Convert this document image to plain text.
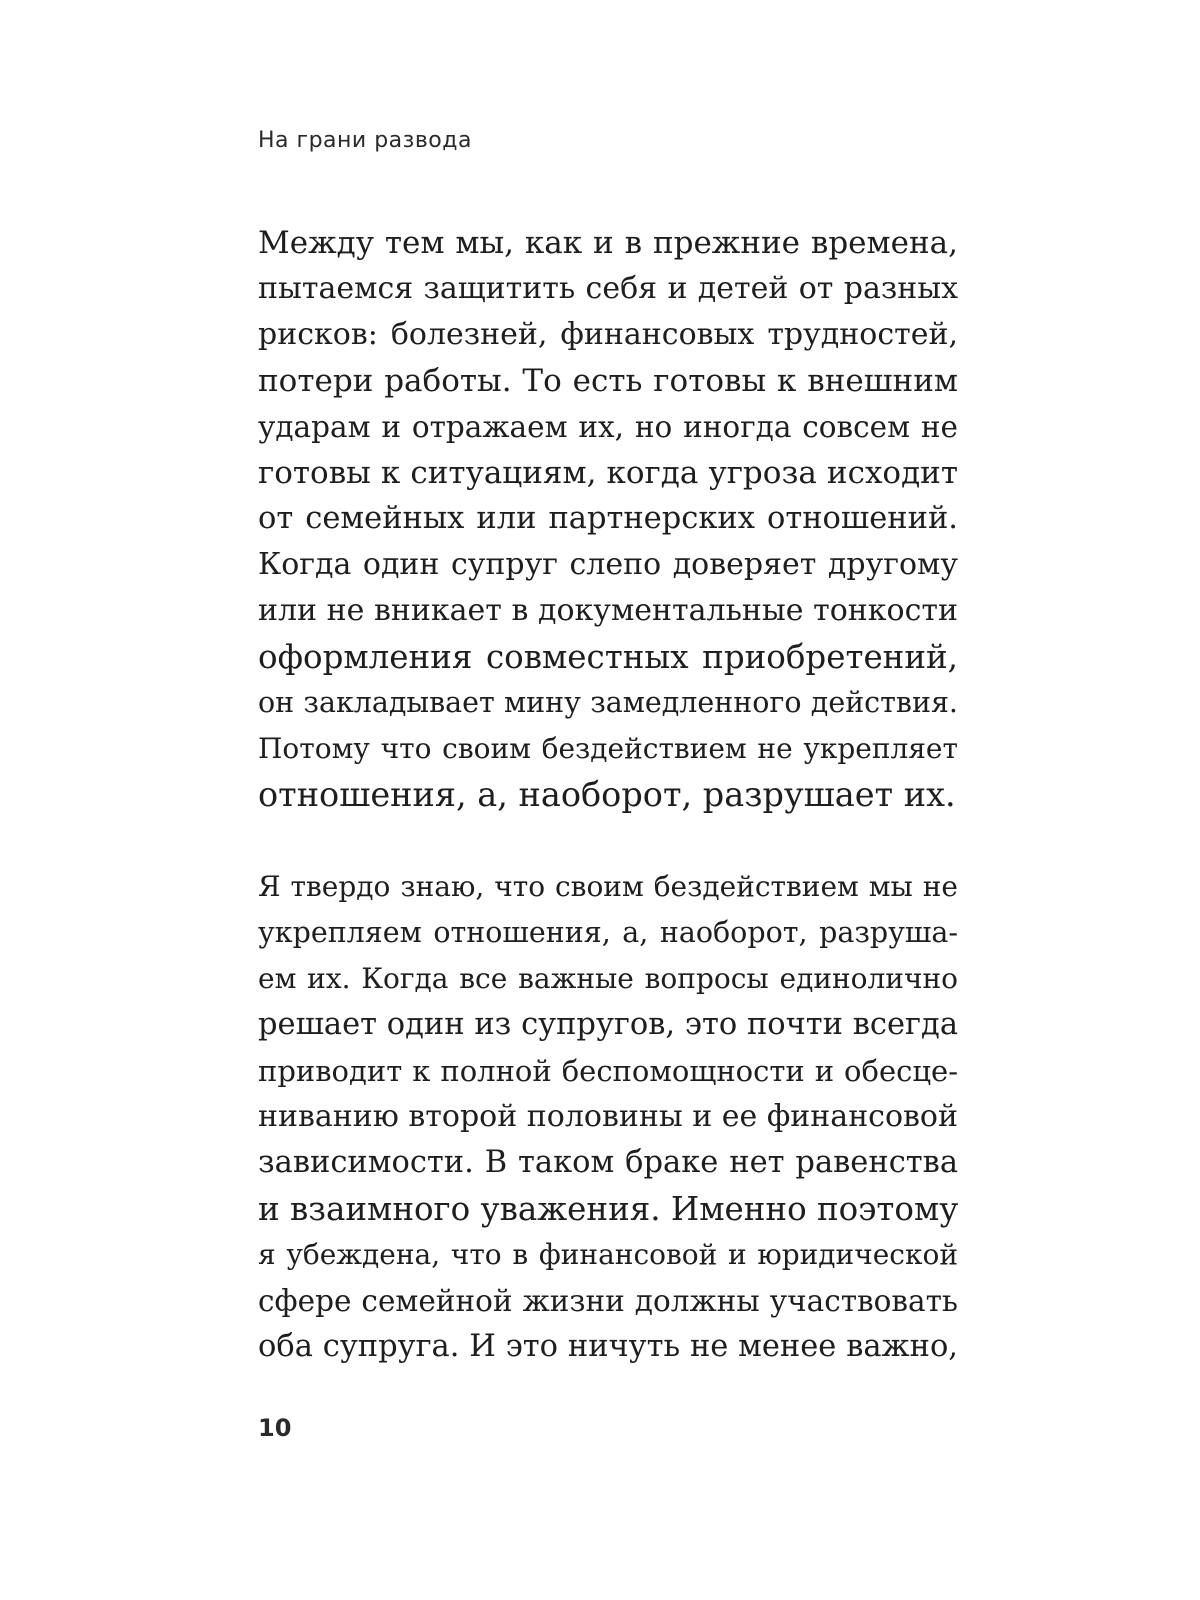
На грани развода

Между тем мы, как и в прежние времена,
пытаемся защитить себя и детей от разных
рисков: болезней, финансовых трудностей,
потери работы. То есть готовы к внешним
ударам и отражаем их, но иногда совсем не
готовы к ситуациям, когда угроза исходит
от семейных или партнерских отношений.
Когда один супруг слепо доверяет другому
или не вникает в документальные тонкости
оформления совместных приобретений,
он закладывает мину замедленного действия.
Потому что своим бездействием не укрепляет
отношения, а, наоборот, разрушает их.

Я твердо знаю, что своим бездействием мы не
укрепляем отношения, а, наоборот, разруша-
ем их. Когда все важные вопросы единолично
решает один из супругов, это почти всегда
приводит к полной беспомощности и обесце-
ниванию второй половины и ее финансовой
зависимости. В таком браке нет равенства
и взаимного уважения. Именно поэтому
я убеждена, что в финансовой и юридической
сфере семейной жизни должны участвовать
оба супруга. И это ничуть не менее важно,

10
